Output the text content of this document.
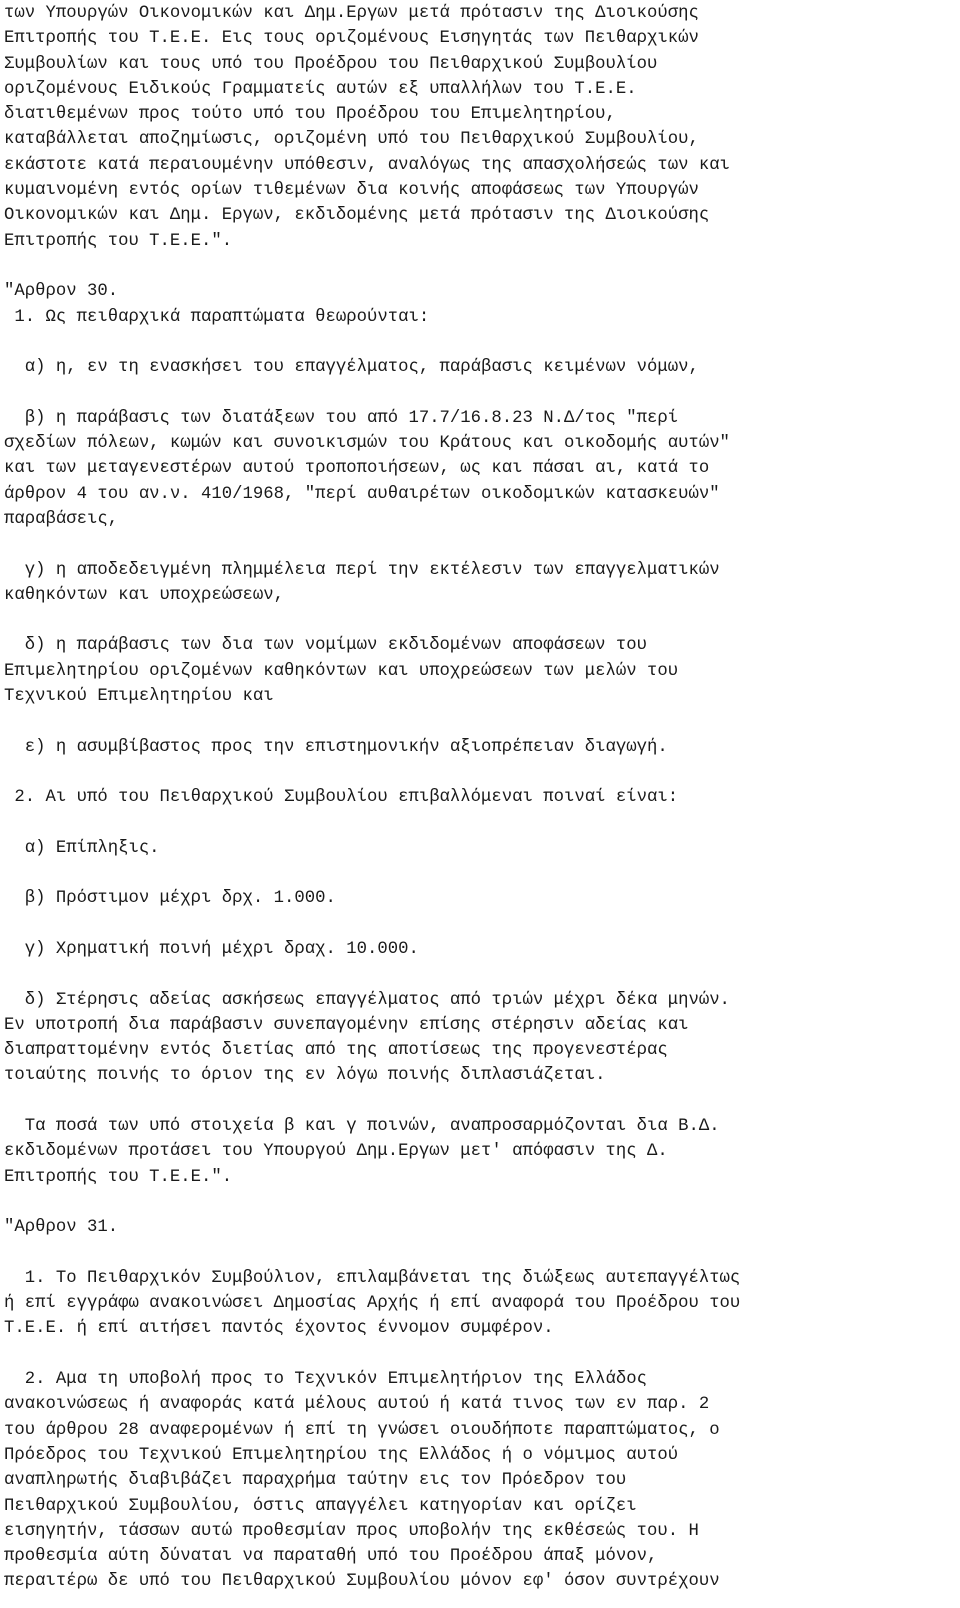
των Υπουργών Οικονομικών και Δημ.Εργων μετά πρότασιν της Διοικούσης
Επιτροπής του Τ.Ε.Ε. Εις τους οριζομένους Εισηγητάς των Πειθαρχικών
Συμβουλίων και τους υπό του Προέδρου του Πειθαρχικού Συμβουλίου
οριζομένους Ειδικούς Γραμματείς αυτών εξ υπαλλήλων του Τ.Ε.Ε.
διατιθεμένων προς τούτο υπό του Προέδρου του Επιμελητηρίου,
καταβάλλεται αποζημίωσις, οριζομένη υπό του Πειθαρχικού Συμβουλίου,
εκάστοτε κατά περαιουμένην υπόθεσιν, αναλόγως της απασχολήσεώς των και
κυμαινομένη εντός ορίων τιθεμένων δια κοινής αποφάσεως των Υπουργών
Οικονομικών και Δημ. Εργων, εκδιδομένης μετά πρότασιν της Διοικούσης
Επιτροπής του Τ.Ε.Ε.".
"Αρθρον 30.
1. Ως πειθαρχικά παραπτώματα θεωρούνται:
α) η, εν τη ενασκήσει του επαγγέλματος, παράβασις κειμένων νόμων,
β) η παράβασις των διατάξεων του από 17.7/16.8.23 Ν.Δ/τος "περί
σχεδίων πόλεων, κωμών και συνοικισμών του Κράτους και οικοδομής αυτών"
και των μεταγενεστέρων αυτού τροποποιήσεων, ως και πάσαι αι, κατά το
άρθρον 4 του αν.ν. 410/1968, "περί αυθαιρέτων οικοδομικών κατασκευών"
παραβάσεις,
γ) η αποδεδειγμένη πλημμέλεια περί την εκτέλεσιν των επαγγελματικών
καθηκόντων και υποχρεώσεων,
δ) η παράβασις των δια των νομίμων εκδιδομένων αποφάσεων του
Επιμελητηρίου οριζομένων καθηκόντων και υποχρεώσεων των μελών του
Τεχνικού Επιμελητηρίου και
ε) η ασυμβίβαστος προς την επιστημονικήν αξιοπρέπειαν διαγωγή.
2. Αι υπό του Πειθαρχικού Συμβουλίου επιβαλλόμεναι ποιναί είναι:
α) Επίπληξις.
β) Πρόστιμον μέχρι δρχ. 1.000.
γ) Χρηματική ποινή μέχρι δραχ. 10.000.
δ) Στέρησις αδείας ασκήσεως επαγγέλματος από τριών μέχρι δέκα μηνών.
Εν υποτροπή δια παράβασιν συνεπαγομένην επίσης στέρησιν αδείας και
διαπραττομένην εντός διετίας από της αποτίσεως της προγενεστέρας
τοιαύτης ποινής το όριον της εν λόγω ποινής διπλασιάζεται.
Τα ποσά των υπό στοιχεία β και γ ποινών, αναπροσαρμόζονται δια Β.Δ.
εκδιδομένων προτάσει του Υπουργού Δημ.Εργων μετ' απόφασιν της Δ.
Επιτροπής του Τ.Ε.Ε.".
"Αρθρον 31.
1. Το Πειθαρχικόν Συμβούλιον, επιλαμβάνεται της διώξεως αυτεπαγγέλτως
ή επί εγγράφω ανακοινώσει Δημοσίας Αρχής ή επί αναφορά του Προέδρου του
Τ.Ε.Ε. ή επί αιτήσει παντός έχοντος έννομον συμφέρον.
2. Αμα τη υποβολή προς το Τεχνικόν Επιμελητήριον της Ελλάδος
ανακοινώσεως ή αναφοράς κατά μέλους αυτού ή κατά τινος των εν παρ. 2
του άρθρου 28 αναφερομένων ή επί τη γνώσει οιουδήποτε παραπτώματος, ο
Πρόεδρος του Τεχνικού Επιμελητηρίου της Ελλάδος ή ο νόμιμος αυτού
αναπληρωτής διαβιβάζει παραχρήμα ταύτην εις τον Πρόεδρον του
Πειθαρχικού Συμβουλίου, όστις απαγγέλει κατηγορίαν και ορίζει
εισηγητήν, τάσσων αυτώ προθεσμίαν προς υποβολήν της εκθέσεώς του. Η
προθεσμία αύτη δύναται να παραταθή υπό του Προέδρου άπαξ μόνον,
περαιτέρω δε υπό του Πειθαρχικού Συμβουλίου μόνον εφ' όσον συντρέχουν
